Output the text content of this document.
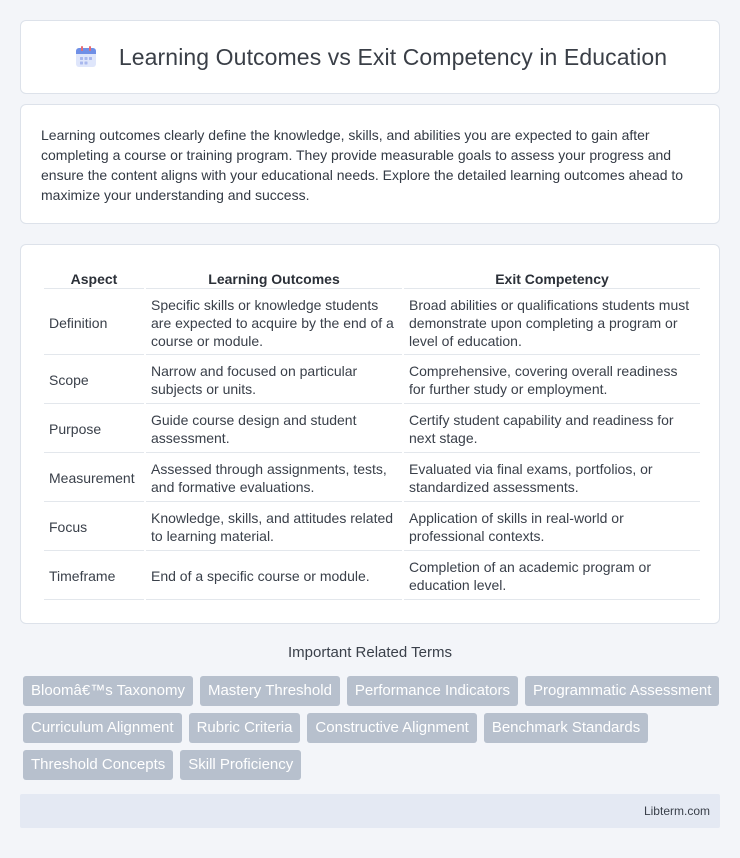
Learning Outcomes vs Exit Competency in Education

Learning outcomes clearly define the knowledge, skills, and abilities you are expected to gain after completing a course or training program. They provide measurable goals to assess your progress and ensure the content aligns with your educational needs. Explore the detailed learning outcomes ahead to maximize your understanding and success.

Aspect	Learning Outcomes	Exit Competency
Definition	Specific skills or knowledge students are expected to acquire by the end of a course or module.	Broad abilities or qualifications students must demonstrate upon completing a program or level of education.
Scope	Narrow and focused on particular subjects or units.	Comprehensive, covering overall readiness for further study or employment.
Purpose	Guide course design and student assessment.	Certify student capability and readiness for next stage.
Measurement	Assessed through assignments, tests, and formative evaluations.	Evaluated via final exams, portfolios, or standardized assessments.
Focus	Knowledge, skills, and attitudes related to learning material.	Application of skills in real-world or professional contexts.
Timeframe	End of a specific course or module.	Completion of an academic program or education level.
Important Related Terms
Bloomâ€™s Taxonomy	Mastery Threshold	Performance Indicators	Programmatic Assessment
Curriculum Alignment	Rubric Criteria	Constructive Alignment	Benchmark Standards
Threshold Concepts	Skill Proficiency
Libterm.com
